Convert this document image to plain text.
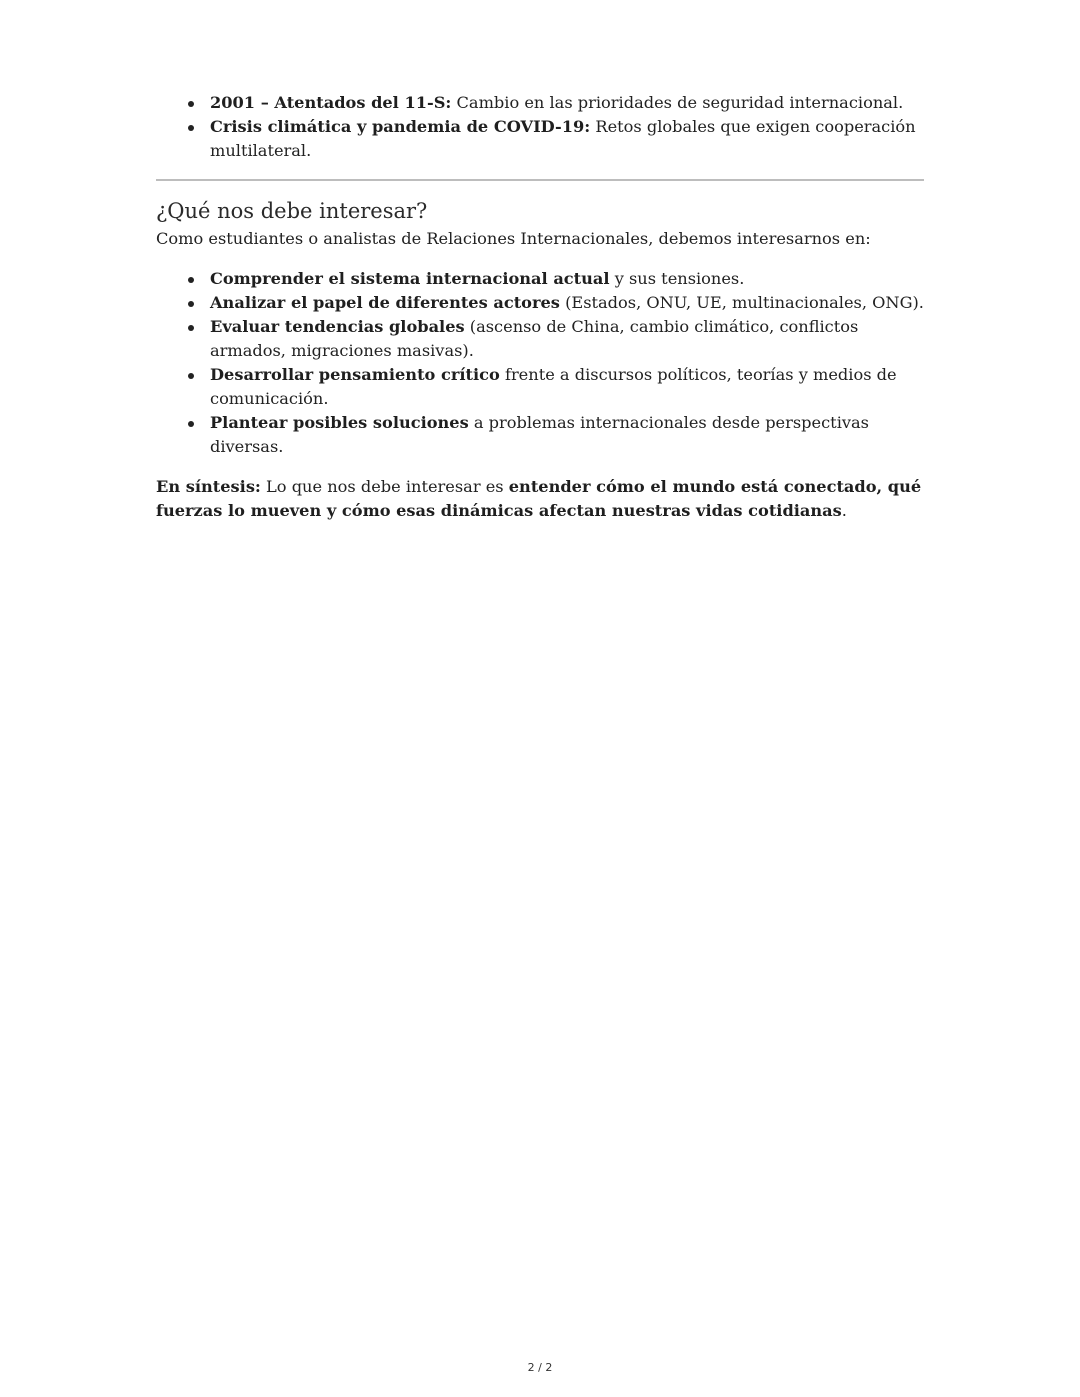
2001 – Atentados del 11-S: Cambio en las prioridades de seguridad internacional.
Crisis climática y pandemia de COVID-19: Retos globales que exigen cooperación multilateral.
¿Qué nos debe interesar?

Como estudiantes o analistas de Relaciones Internacionales, debemos interesarnos en:

Comprender el sistema internacional actual y sus tensiones.
Analizar el papel de diferentes actores (Estados, ONU, UE, multinacionales, ONG).
Evaluar tendencias globales (ascenso de China, cambio climático, conflictos armados, migraciones masivas).
Desarrollar pensamiento crítico frente a discursos políticos, teorías y medios de comunicación.
Plantear posibles soluciones a problemas internacionales desde perspectivas diversas.

En síntesis: Lo que nos debe interesar es entender cómo el mundo está conectado, qué fuerzas lo mueven y cómo esas dinámicas afectan nuestras vidas cotidianas.

2 / 2
